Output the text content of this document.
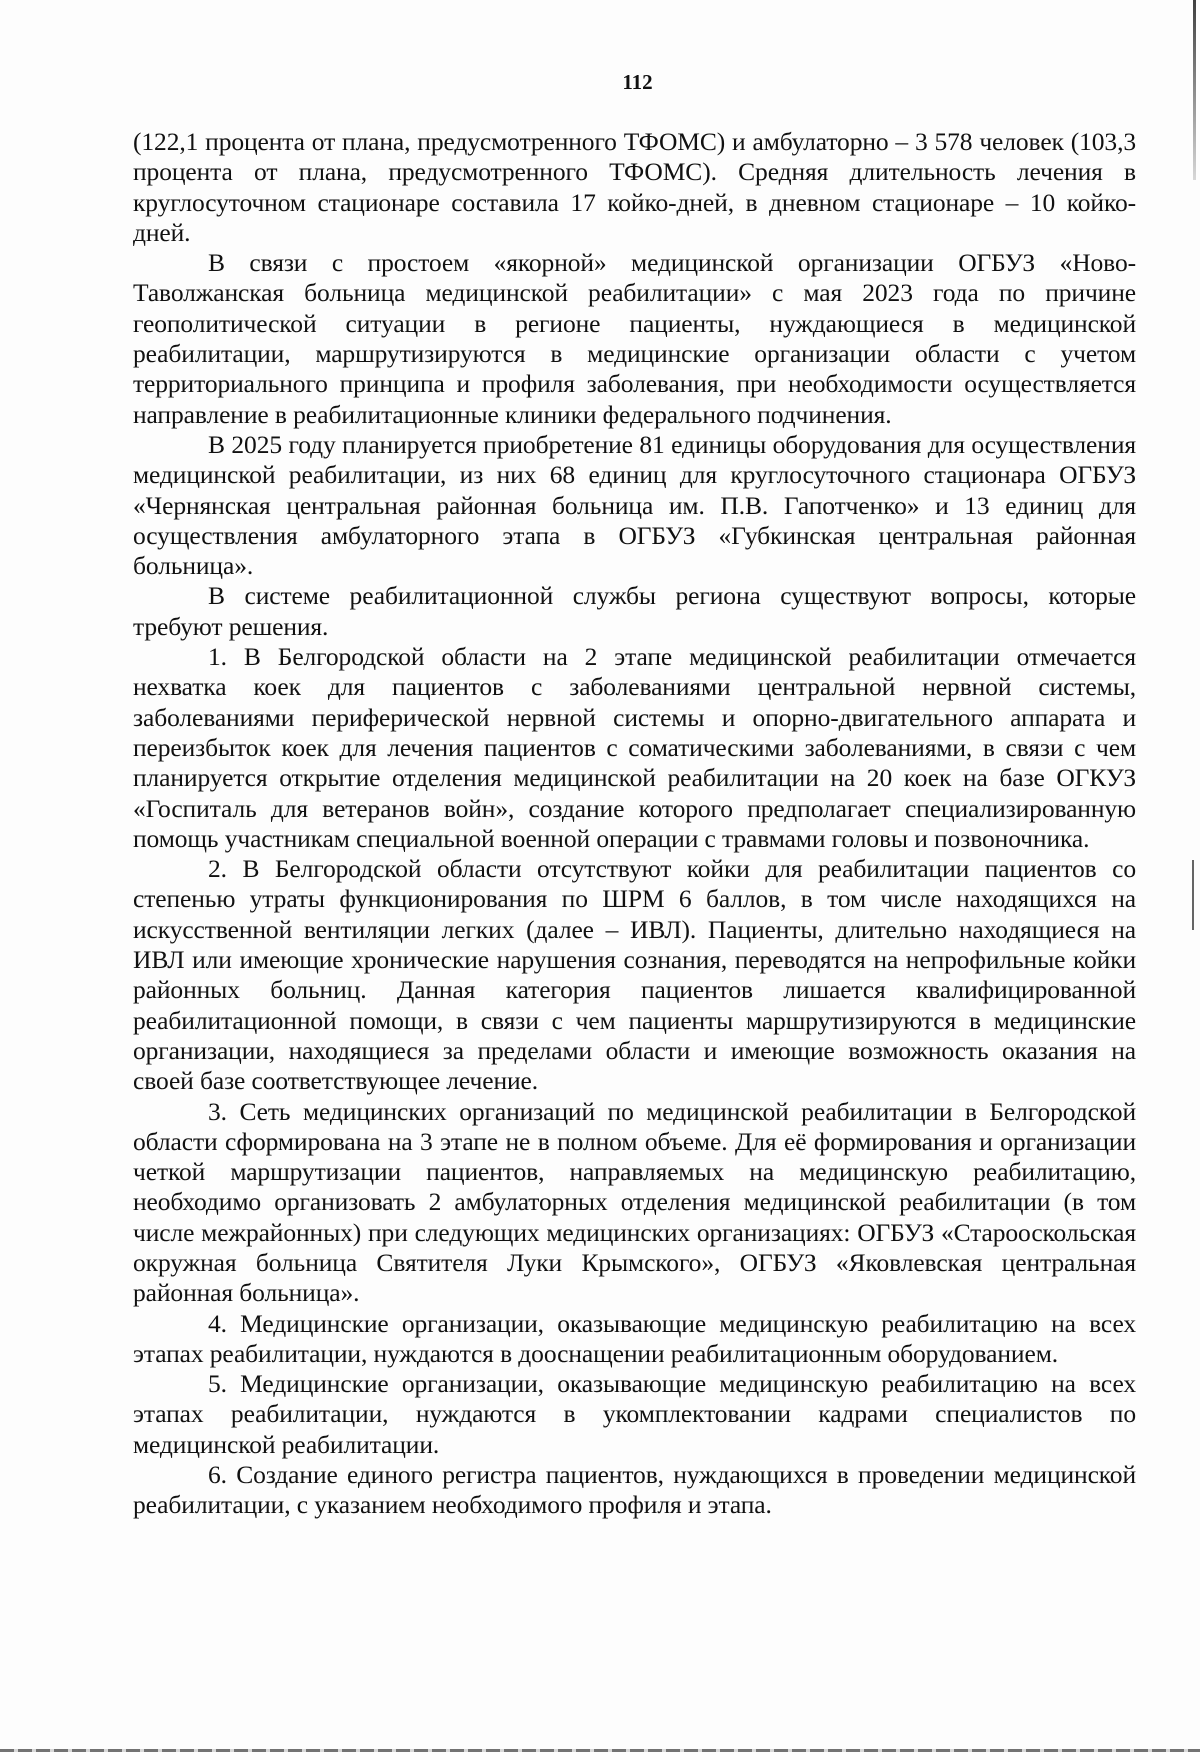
112

(122,1 процента от плана, предусмотренного ТФОМС) и амбулаторно – 3 578 человек (103,3 процента от плана, предусмотренного ТФОМС). Средняя длительность лечения в круглосуточном стационаре составила 17 койко-дней, в дневном стационаре – 10 койко-дней.

В связи с простоем «якорной» медицинской организации ОГБУЗ «Ново-Таволжанская больница медицинской реабилитации» с мая 2023 года по причине геополитической ситуации в регионе пациенты, нуждающиеся в медицинской реабилитации, маршрутизируются в медицинские организации области с учетом территориального принципа и профиля заболевания, при необходимости осуществляется направление в реабилитационные клиники федерального подчинения.

В 2025 году планируется приобретение 81 единицы оборудования для осуществления медицинской реабилитации, из них 68 единиц для круглосуточного стационара ОГБУЗ «Чернянская центральная районная больница им. П.В. Гапотченко» и 13 единиц для осуществления амбулаторного этапа в ОГБУЗ «Губкинская центральная районная больница».

В системе реабилитационной службы региона существуют вопросы, которые требуют решения.

1. В Белгородской области на 2 этапе медицинской реабилитации отмечается нехватка коек для пациентов с заболеваниями центральной нервной системы, заболеваниями периферической нервной системы и опорно-двигательного аппарата и переизбыток коек для лечения пациентов с соматическими заболеваниями, в связи с чем планируется открытие отделения медицинской реабилитации на 20 коек на базе ОГКУЗ «Госпиталь для ветеранов войн», создание которого предполагает специализированную помощь участникам специальной военной операции с травмами головы и позвоночника.

2. В Белгородской области отсутствуют койки для реабилитации пациентов со степенью утраты функционирования по ШРМ 6 баллов, в том числе находящихся на искусственной вентиляции легких (далее – ИВЛ). Пациенты, длительно находящиеся на ИВЛ или имеющие хронические нарушения сознания, переводятся на непрофильные койки районных больниц. Данная категория пациентов лишается квалифицированной реабилитационной помощи, в связи с чем пациенты маршрутизируются в медицинские организации, находящиеся за пределами области и имеющие возможность оказания на своей базе соответствующее лечение.

3. Сеть медицинских организаций по медицинской реабилитации в Белгородской области сформирована на 3 этапе не в полном объеме. Для её формирования и организации четкой маршрутизации пациентов, направляемых на медицинскую реабилитацию, необходимо организовать 2 амбулаторных отделения медицинской реабилитации (в том числе межрайонных) при следующих медицинских организациях: ОГБУЗ «Старооскольская окружная больница Святителя Луки Крымского», ОГБУЗ «Яковлевская центральная районная больница».

4. Медицинские организации, оказывающие медицинскую реабилитацию на всех этапах реабилитации, нуждаются в дооснащении реабилитационным оборудованием.

5. Медицинские организации, оказывающие медицинскую реабилитацию на всех этапах реабилитации, нуждаются в укомплектовании кадрами специалистов по медицинской реабилитации.

6. Создание единого регистра пациентов, нуждающихся в проведении медицинской реабилитации, с указанием необходимого профиля и этапа.
